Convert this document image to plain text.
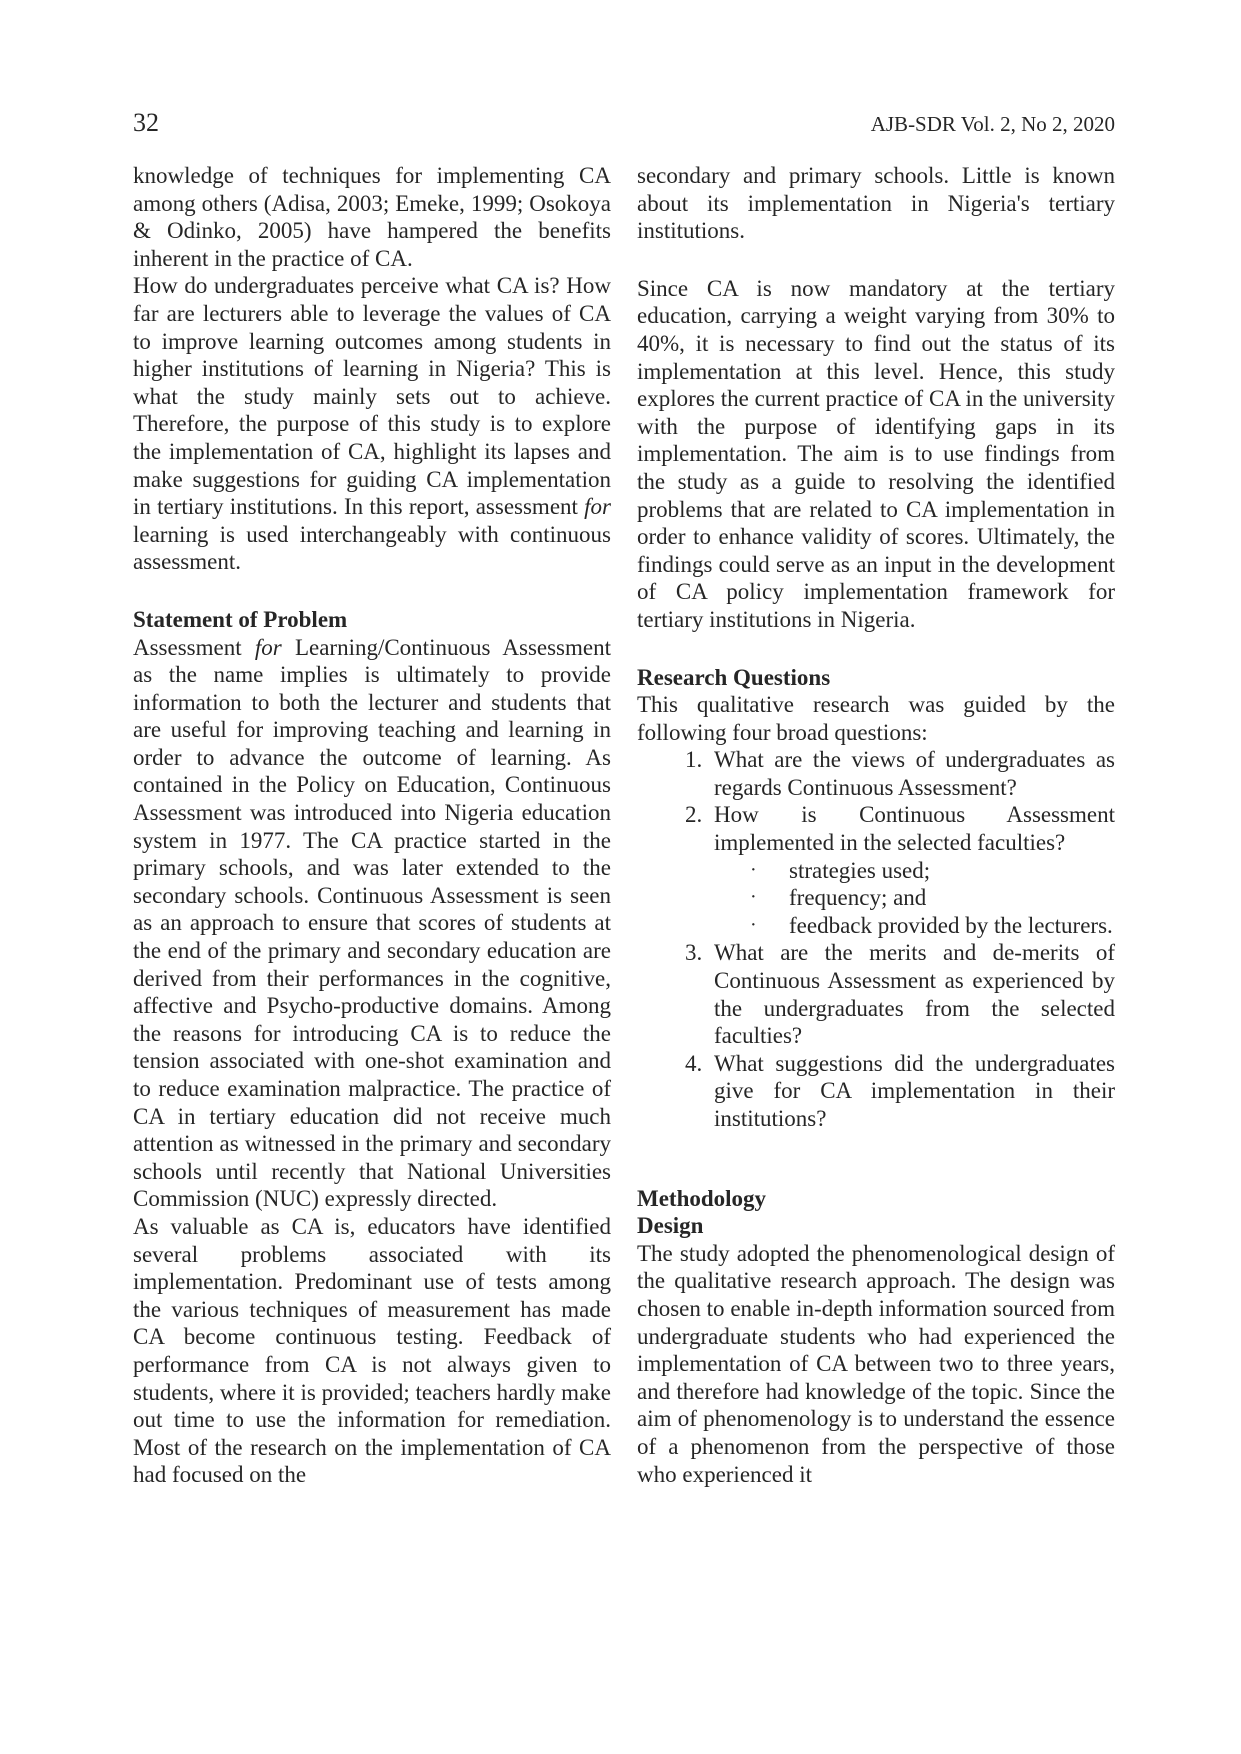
32	AJB-SDR Vol. 2, No 2, 2020

knowledge of techniques for implementing CA among others (Adisa, 2003; Emeke, 1999; Osokoya & Odinko, 2005) have hampered the benefits inherent in the practice of CA.

How do undergraduates perceive what CA is? How far are lecturers able to leverage the values of CA to improve learning outcomes among students in higher institutions of learning in Nigeria? This is what the study mainly sets out to achieve. Therefore, the purpose of this study is to explore the implementation of CA, highlight its lapses and make suggestions for guiding CA implementation in tertiary institutions. In this report, assessment for learning is used interchangeably with continuous assessment.

Statement of Problem

Assessment for Learning/Continuous Assessment as the name implies is ultimately to provide information to both the lecturer and students that are useful for improving teaching and learning in order to advance the outcome of learning. As contained in the Policy on Education, Continuous Assessment was introduced into Nigeria education system in 1977. The CA practice started in the primary schools, and was later extended to the secondary schools. Continuous Assessment is seen as an approach to ensure that scores of students at the end of the primary and secondary education are derived from their performances in the cognitive, affective and Psycho-productive domains. Among the reasons for introducing CA is to reduce the tension associated with one-shot examination and to reduce examination malpractice. The practice of CA in tertiary education did not receive much attention as witnessed in the primary and secondary schools until recently that National Universities Commission (NUC) expressly directed.

As valuable as CA is, educators have identified several problems associated with its implementation. Predominant use of tests among the various techniques of measurement has made CA become continuous testing. Feedback of performance from CA is not always given to students, where it is provided; teachers hardly make out time to use the information for remediation. Most of the research on the implementation of CA had focused on the

secondary and primary schools. Little is known about its implementation in Nigeria's tertiary institutions.

Since CA is now mandatory at the tertiary education, carrying a weight varying from 30% to 40%, it is necessary to find out the status of its implementation at this level. Hence, this study explores the current practice of CA in the university with the purpose of identifying gaps in its implementation. The aim is to use findings from the study as a guide to resolving the identified problems that are related to CA implementation in order to enhance validity of scores. Ultimately, the findings could serve as an input in the development of CA policy implementation framework for tertiary institutions in Nigeria.

Research Questions

This qualitative research was guided by the following four broad questions:

1. What are the views of undergraduates as regards Continuous Assessment?
2. How is Continuous Assessment implemented in the selected faculties?
·	strategies used;
·	frequency; and
·	feedback provided by the lecturers.
3. What are the merits and de-merits of Continuous Assessment as experienced by the undergraduates from the selected faculties?
4. What suggestions did the undergraduates give for CA implementation in their institutions?
Methodology
Design

The study adopted the phenomenological design of the qualitative research approach. The design was chosen to enable in-depth information sourced from undergraduate students who had experienced the implementation of CA between two to three years, and therefore had knowledge of the topic. Since the aim of phenomenology is to understand the essence of a phenomenon from the perspective of those who experienced it
